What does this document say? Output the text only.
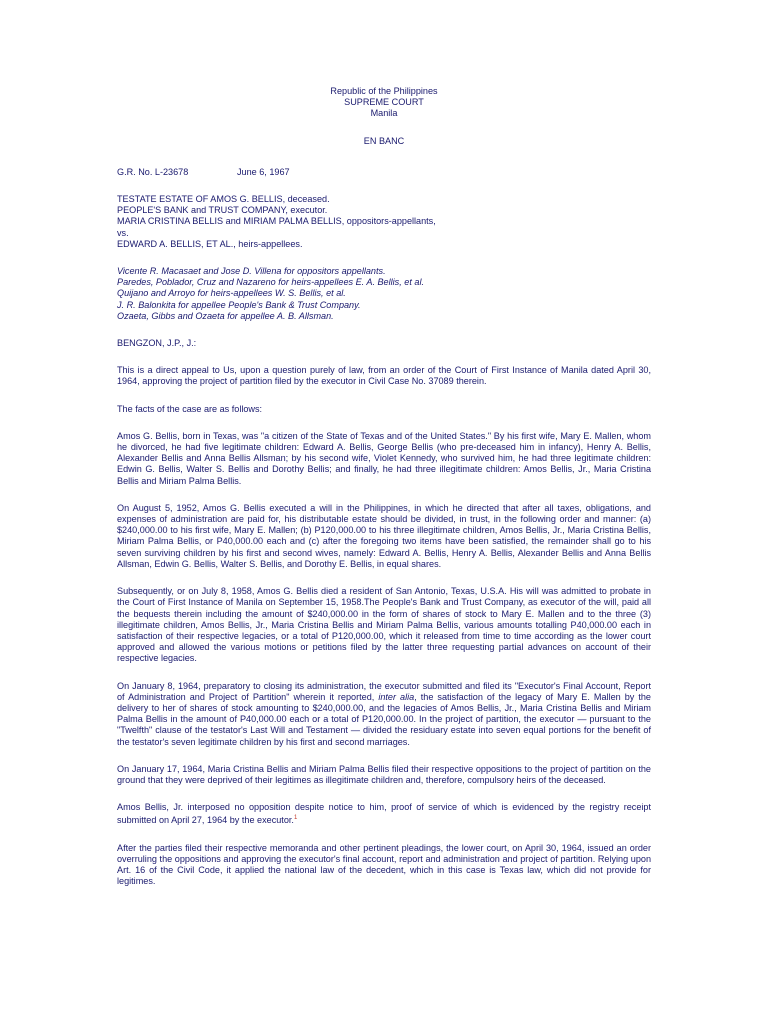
Republic of the Philippines
SUPREME COURT
Manila
EN BANC
G.R. No. L-23678	June 6, 1967
TESTATE ESTATE OF AMOS G. BELLIS, deceased.
PEOPLE'S BANK and TRUST COMPANY, executor.
MARIA CRISTINA BELLIS and MIRIAM PALMA BELLIS, oppositors-appellants,
vs.
EDWARD A. BELLIS, ET AL., heirs-appellees.
Vicente R. Macasaet and Jose D. Villena for oppositors appellants.
Paredes, Poblador, Cruz and Nazareno for heirs-appellees E. A. Bellis, et al.
Quijano and Arroyo for heirs-appellees W. S. Bellis, et al.
J. R. Balonkita for appellee People's Bank & Trust Company.
Ozaeta, Gibbs and Ozaeta for appellee A. B. Allsman.
BENGZON, J.P., J.:

This is a direct appeal to Us, upon a question purely of law, from an order of the Court of First Instance of Manila dated April 30, 1964, approving the project of partition filed by the executor in Civil Case No. 37089 therein.

The facts of the case are as follows:

Amos G. Bellis, born in Texas, was "a citizen of the State of Texas and of the United States." By his first wife, Mary E. Mallen, whom he divorced, he had five legitimate children: Edward A. Bellis, George Bellis (who pre-deceased him in infancy), Henry A. Bellis, Alexander Bellis and Anna Bellis Allsman; by his second wife, Violet Kennedy, who survived him, he had three legitimate children: Edwin G. Bellis, Walter S. Bellis and Dorothy Bellis; and finally, he had three illegitimate children: Amos Bellis, Jr., Maria Cristina Bellis and Miriam Palma Bellis.

On August 5, 1952, Amos G. Bellis executed a will in the Philippines, in which he directed that after all taxes, obligations, and expenses of administration are paid for, his distributable estate should be divided, in trust, in the following order and manner: (a) $240,000.00 to his first wife, Mary E. Mallen; (b) P120,000.00 to his three illegitimate children, Amos Bellis, Jr., Maria Cristina Bellis, Miriam Palma Bellis, or P40,000.00 each and (c) after the foregoing two items have been satisfied, the remainder shall go to his seven surviving children by his first and second wives, namely: Edward A. Bellis, Henry A. Bellis, Alexander Bellis and Anna Bellis Allsman, Edwin G. Bellis, Walter S. Bellis, and Dorothy E. Bellis, in equal shares.

Subsequently, or on July 8, 1958, Amos G. Bellis died a resident of San Antonio, Texas, U.S.A. His will was admitted to probate in the Court of First Instance of Manila on September 15, 1958.The People's Bank and Trust Company, as executor of the will, paid all the bequests therein including the amount of $240,000.00 in the form of shares of stock to Mary E. Mallen and to the three (3) illegitimate children, Amos Bellis, Jr., Maria Cristina Bellis and Miriam Palma Bellis, various amounts totalling P40,000.00 each in satisfaction of their respective legacies, or a total of P120,000.00, which it released from time to time according as the lower court approved and allowed the various motions or petitions filed by the latter three requesting partial advances on account of their respective legacies.

On January 8, 1964, preparatory to closing its administration, the executor submitted and filed its "Executor's Final Account, Report of Administration and Project of Partition" wherein it reported, inter alia, the satisfaction of the legacy of Mary E. Mallen by the delivery to her of shares of stock amounting to $240,000.00, and the legacies of Amos Bellis, Jr., Maria Cristina Bellis and Miriam Palma Bellis in the amount of P40,000.00 each or a total of P120,000.00. In the project of partition, the executor — pursuant to the "Twelfth" clause of the testator's Last Will and Testament — divided the residuary estate into seven equal portions for the benefit of the testator's seven legitimate children by his first and second marriages.

On January 17, 1964, Maria Cristina Bellis and Miriam Palma Bellis filed their respective oppositions to the project of partition on the ground that they were deprived of their legitimes as illegitimate children and, therefore, compulsory heirs of the deceased.

Amos Bellis, Jr. interposed no opposition despite notice to him, proof of service of which is evidenced by the registry receipt submitted on April 27, 1964 by the executor.$^1$

After the parties filed their respective memoranda and other pertinent pleadings, the lower court, on April 30, 1964, issued an order overruling the oppositions and approving the executor's final account, report and administration and project of partition. Relying upon Art. 16 of the Civil Code, it applied the national law of the decedent, which in this case is Texas law, which did not provide for legitimes.
